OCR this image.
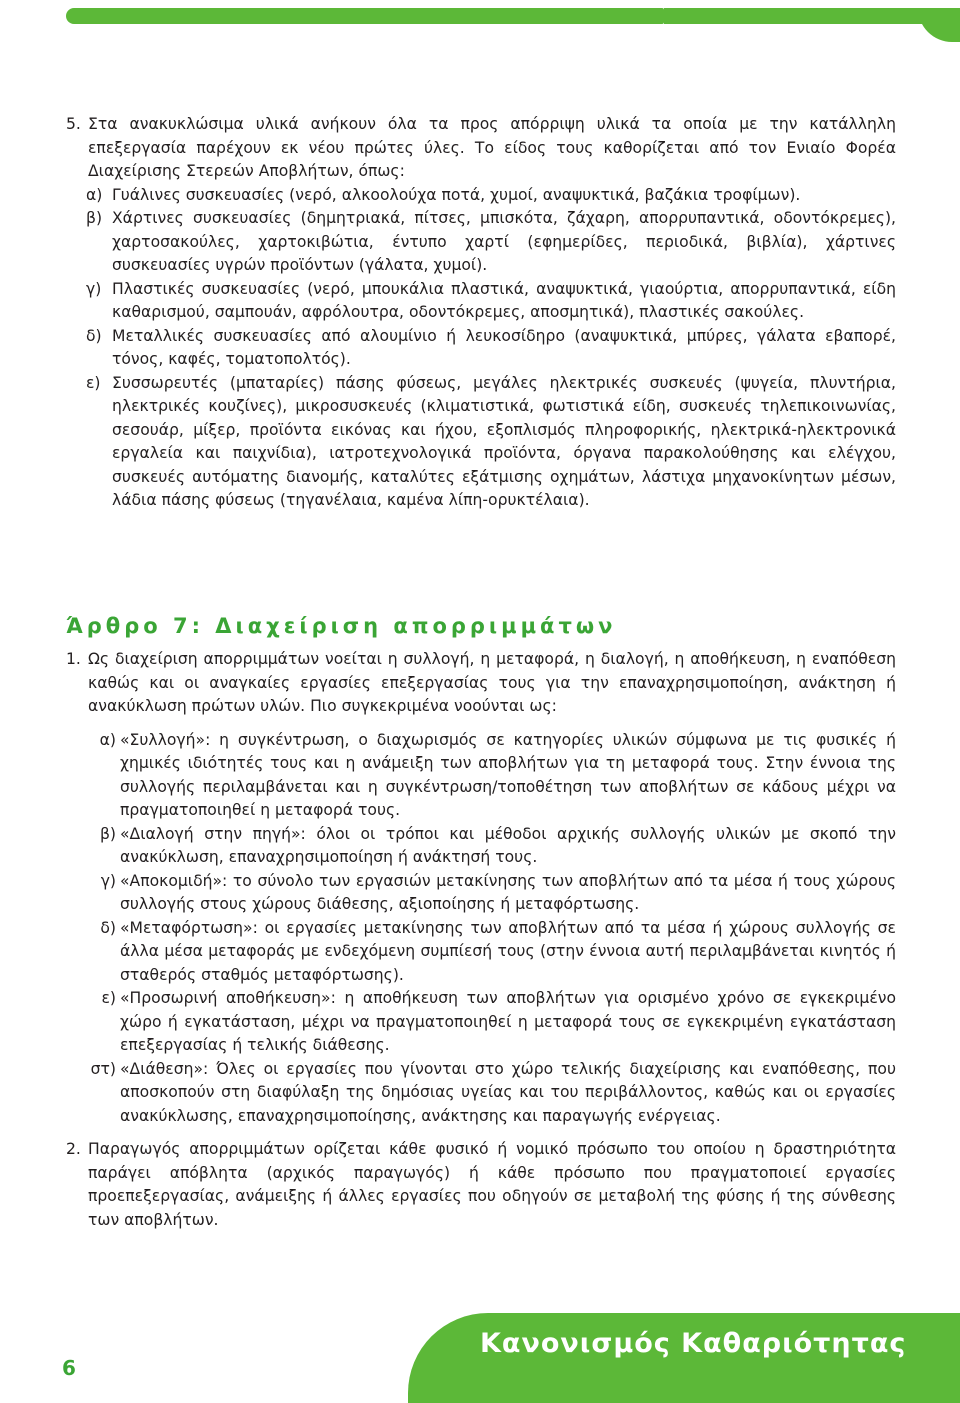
5. Στα ανακυκλώσιμα υλικά ανήκουν όλα τα προς απόρριψη υλικά τα οποία με την κατάλληλη επεξεργασία παρέχουν εκ νέου πρώτες ύλες. Το είδος τους καθορίζεται από τον Ενιαίο Φορέα Διαχείρισης Στερεών Αποβλήτων, όπως:
α) Γυάλινες συσκευασίες (νερό, αλκοολούχα ποτά, χυμοί, αναψυκτικά, βαζάκια τροφίμων).
β) Χάρτινες συσκευασίες (δημητριακά, πίτσες, μπισκότα, ζάχαρη, απορρυπαντικά, οδοντόκρεμες), χαρτοσακούλες, χαρτοκιβώτια, έντυπο χαρτί (εφημερίδες, περιοδικά, βιβλία), χάρτινες συσκευασίες υγρών προϊόντων (γάλατα, χυμοί).
γ) Πλαστικές συσκευασίες (νερό, μπουκάλια πλαστικά, αναψυκτικά, γιαούρτια, απορρυπαντικά, είδη καθαρισμού, σαμπουάν, αφρόλουτρα, οδοντόκρεμες, αποσμητικά), πλαστικές σακούλες.
δ) Μεταλλικές συσκευασίες από αλουμίνιο ή λευκοσίδηρο (αναψυκτικά, μπύρες, γάλατα εβαπορέ, τόνος, καφές, τοματοπολτός).
ε) Συσσωρευτές (μπαταρίες) πάσης φύσεως, μεγάλες ηλεκτρικές συσκευές (ψυγεία, πλυντήρια, ηλεκτρικές κουζίνες), μικροσυσκευές (κλιματιστικά, φωτιστικά είδη, συσκευές τηλεπικοινωνίας, σεσουάρ, μίξερ, προϊόντα εικόνας και ήχου, εξοπλισμός πληροφορικής, ηλεκτρικά-ηλεκτρονικά εργαλεία και παιχνίδια), ιατροτεχνολογικά προϊόντα, όργανα παρακολούθησης και ελέγχου, συσκευές αυτόματης διανομής, καταλύτες εξάτμισης οχημάτων, λάστιχα μηχανοκίνητων μέσων, λάδια πάσης φύσεως (τηγανέλαια, καμένα λίπη-ορυκτέλαια).
Άρθρο 7: Διαχείριση απορριμμάτων
1. Ως διαχείριση απορριμμάτων νοείται η συλλογή, η μεταφορά, η διαλογή, η αποθήκευση, η εναπόθεση καθώς και οι αναγκαίες εργασίες επεξεργασίας τους για την επαναχρησιμοποίηση, ανάκτηση ή ανακύκλωση πρώτων υλών. Πιο συγκεκριμένα νοούνται ως:
α) «Συλλογή»: η συγκέντρωση, ο διαχωρισμός σε κατηγορίες υλικών σύμφωνα με τις φυσικές ή χημικές ιδιότητές τους και η ανάμειξη των αποβλήτων για τη μεταφορά τους. Στην έννοια της συλλογής περιλαμβάνεται και η συγκέντρωση/τοποθέτηση των αποβλήτων σε κάδους μέχρι να πραγματοποιηθεί η μεταφορά τους.
β) «Διαλογή στην πηγή»: όλοι οι τρόποι και μέθοδοι αρχικής συλλογής υλικών με σκοπό την ανακύκλωση, επαναχρησιμοποίηση ή ανάκτησή τους.
γ) «Αποκομιδή»: το σύνολο των εργασιών μετακίνησης των αποβλήτων από τα μέσα ή τους χώρους συλλογής στους χώρους διάθεσης, αξιοποίησης ή μεταφόρτωσης.
δ) «Μεταφόρτωση»: οι εργασίες μετακίνησης των αποβλήτων από τα μέσα ή χώρους συλλογής σε άλλα μέσα μεταφοράς με ενδεχόμενη συμπίεσή τους (στην έννοια αυτή περιλαμβάνεται κινητός ή σταθερός σταθμός μεταφόρτωσης).
ε) «Προσωρινή αποθήκευση»: η αποθήκευση των αποβλήτων για ορισμένο χρόνο σε εγκεκριμένο χώρο ή εγκατάσταση, μέχρι να πραγματοποιηθεί η μεταφορά τους σε εγκεκριμένη εγκατάσταση επεξεργασίας ή τελικής διάθεσης.
στ) «Διάθεση»: Όλες οι εργασίες που γίνονται στο χώρο τελικής διαχείρισης και εναπόθεσης, που αποσκοπούν στη διαφύλαξη της δημόσιας υγείας και του περιβάλλοντος, καθώς και οι εργασίες ανακύκλωσης, επαναχρησιμοποίησης, ανάκτησης και παραγωγής ενέργειας.
2. Παραγωγός απορριμμάτων ορίζεται κάθε φυσικό ή νομικό πρόσωπο του οποίου η δραστηριότητα παράγει απόβλητα (αρχικός παραγωγός) ή κάθε πρόσωπο που πραγματοποιεί εργασίες προεπεξεργασίας, ανάμειξης ή άλλες εργασίες που οδηγούν σε μεταβολή της φύσης ή της σύνθεσης των αποβλήτων.
Κανονισμός Καθαριότητας
6
